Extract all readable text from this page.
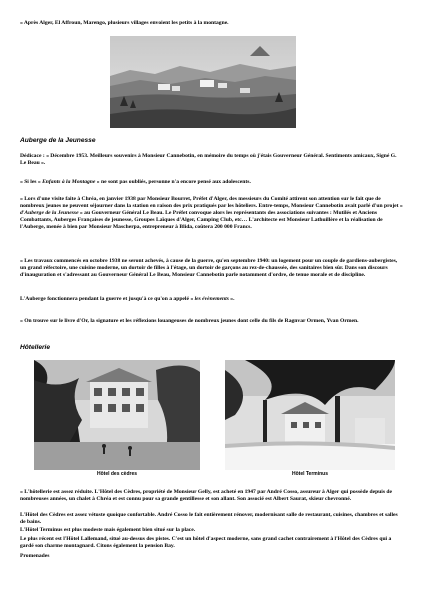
« Après Alger, El Affroun, Marengo, plusieurs villages envoient les petits à la montagne.

Auberge de la Jeunesse

Dédicace : « Décembre 1953. Meilleurs souvenirs à Monsieur Cannebotin, en mémoire du temps où j'étais Gouverneur Général. Sentiments amicaux, Signé G. Le Beau ».

« Si les « Enfants à la Montagne » ne sont pas oubliés, personne n'a encore pensé aux adolescents.

« Lors d'une visite faite à Chréa, en janvier 1938 par Monsieur Bourret, Préfet d'Alger, des messieurs du Comité attirent son attention sur le fait que de nombreux jeunes ne peuvent séjourner dans la station en raison des prix pratiqués par les hôteliers. Entre-temps, Monsieur Cannebotin avait parlé d'un projet « d'Auberge de la Jeunesse » au Gouverneur Général Le Beau. Le Préfet convoque alors les représentants des associations suivantes : Mutilés et Anciens Combattants, Auberges Françaises de jeunesse, Groupes Laïques d'Alger, Camping Club, etc… L'architecte est Monsieur Lathuillère et la réalisation de l'Auberge, menée à bien par Monsieur Mascherpa, entrepreneur à Blida, coûtera 200 000 Francs.

« Les travaux commencés en octobre 1938 ne seront achevés, à cause de la guerre, qu'en septembre 1940: un logement pour un couple de gardiens-aubergistes, un grand réfectoire, une cuisine moderne, un dortoir de filles à l'étage, un dortoir de garçons au rez-de-chaussée, des sanitaires bien sûr. Dans son discours d'inauguration et s'adressant au Gouverneur Général Le Beau, Monsieur Cannebotin parle notamment d'ordre, de tenue morale et de discipline.

L'Auberge fonctionnera pendant la guerre et jusqu'à ce qu'on a appelé « les évènements ».

« On trouve sur le livre d'Or, la signature et les réflexions louangeuses de nombreux jeunes dont celle du fils de Ragnvar Ormen, Yvan Ormen.

Hôtellerie

Hôtel des cèdres	Hôtel Terminus

« L'hôtellerie est assez réduite. L'Hôtel des Cèdres, propriété de Monsieur Gelly, est acheté en 1947 par André Cosso, assureur à Alger qui possède depuis de nombreuses années, un chalet à Chréa et est connu pour sa grande gentillesse et son allant. Son associé est Albert Saurat, skieur chevronné.

L'Hôtel des Cèdres est assez vétuste quoique confortable. André Cosso le fait entièrement rénover, modernisant salle de restaurant, cuisines, chambres et salles de bains.

L'Hôtel Terminus est plus modeste mais également bien situé sur la place.

Le plus récent est l'Hôtel Lallemand, situé au-dessus des pistes. C'est un hôtel d'aspect moderne, sans grand cachet contrairement à l'Hôtel des Cèdres qui a gardé son charme montagnard. Citons également la pension Bay.

Promenades
